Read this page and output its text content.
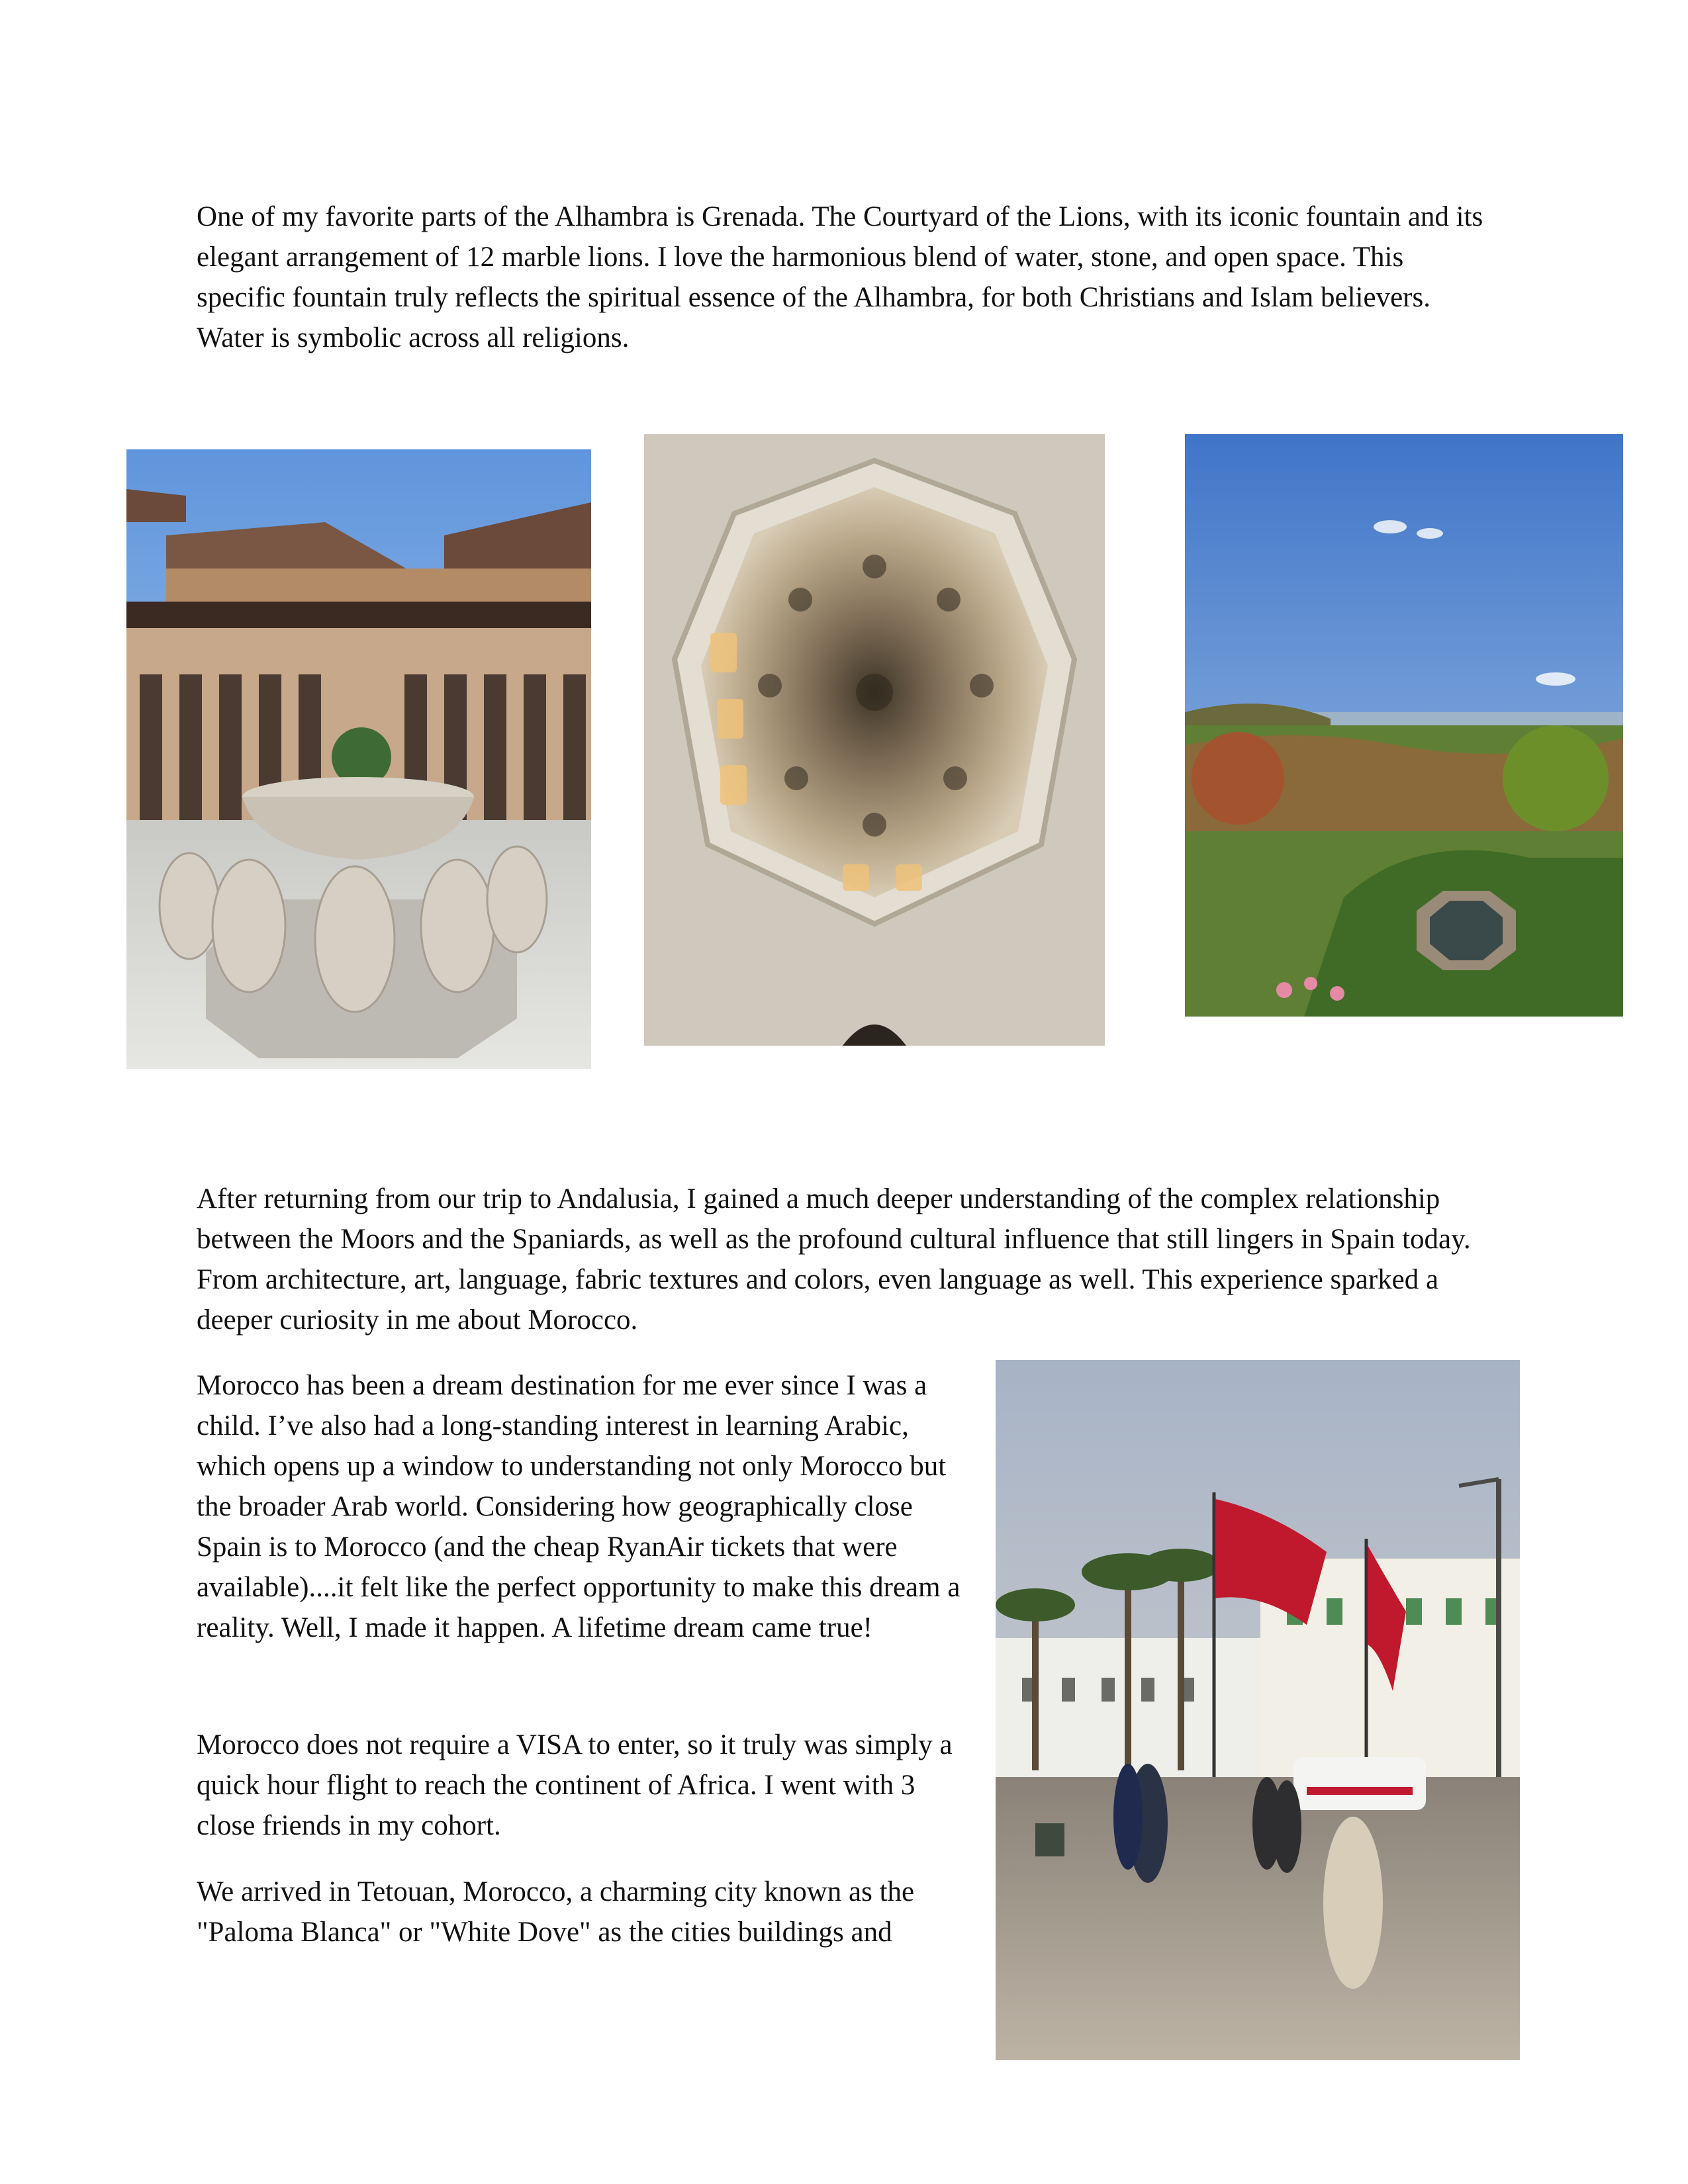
One of my favorite parts of the Alhambra is Grenada. The Courtyard of the Lions, with its iconic fountain and its elegant arrangement of 12 marble lions. I love the harmonious blend of water, stone, and open space. This specific fountain truly reflects the spiritual essence of the Alhambra, for both Christians and Islam believers. Water is symbolic across all religions.

After returning from our trip to Andalusia, I gained a much deeper understanding of the complex relationship between the Moors and the Spaniards, as well as the profound cultural influence that still lingers in Spain today. From architecture, art, language, fabric textures and colors, even language as well. This experience sparked a deeper curiosity in me about Morocco.

Morocco has been a dream destination for me ever since I was a child. I’ve also had a long-standing interest in learning Arabic, which opens up a window to understanding not only Morocco but the broader Arab world. Considering how geographically close Spain is to Morocco (and the cheap RyanAir tickets that were available)....it felt like the perfect opportunity to make this dream a reality. Well, I made it happen. A lifetime dream came true!

Morocco does not require a VISA to enter, so it truly was simply a quick hour flight to reach the continent of Africa. I went with 3 close friends in my cohort.

We arrived in Tetouan, Morocco, a charming city known as the "Paloma Blanca" or "White Dove" as the cities buildings and
